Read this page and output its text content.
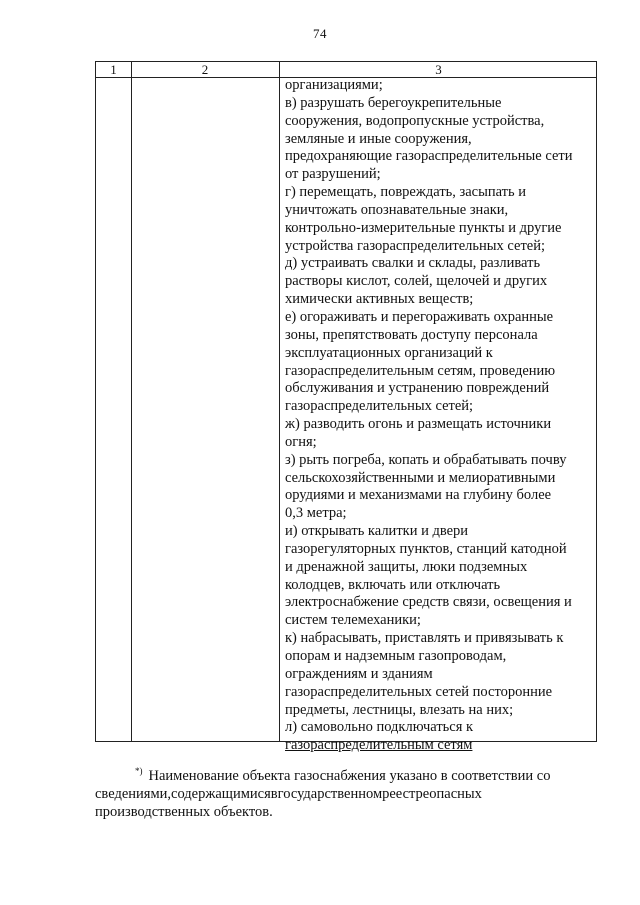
74
1	2	3
организациями;
в) разрушать берегоукрепительные
сооружения, водопропускные устройства,
земляные и иные сооружения,
предохраняющие газораспределительные сети
от разрушений;
г) перемещать, повреждать, засыпать и
уничтожать опознавательные знаки,
контрольно-измерительные пункты и другие
устройства газораспределительных сетей;
д) устраивать свалки и склады, разливать
растворы кислот, солей, щелочей и других
химически активных веществ;
е) огораживать и перегораживать охранные
зоны, препятствовать доступу персонала
эксплуатационных организаций к
газораспределительным сетям, проведению
обслуживания и устранению повреждений
газораспределительных сетей;
ж) разводить огонь и размещать источники
огня;
з) рыть погреба, копать и обрабатывать почву
сельскохозяйственными и мелиоративными
орудиями и механизмами на глубину более
0,3 метра;
и) открывать калитки и двери
газорегуляторных пунктов, станций катодной
и дренажной защиты, люки подземных
колодцев, включать или отключать
электроснабжение средств связи, освещения и
систем телемеханики;
к) набрасывать, приставлять и привязывать к
опорам и надземным газопроводам,
ограждениям и зданиям
газораспределительных сетей посторонние
предметы, лестницы, влезать на них;
л) самовольно подключаться к
газораспределительным сетям
*) Наименование объекта газоснабжения указано в соответствии со
сведениями,содержащимисявгосударственномреестреопасных
производственных объектов.
